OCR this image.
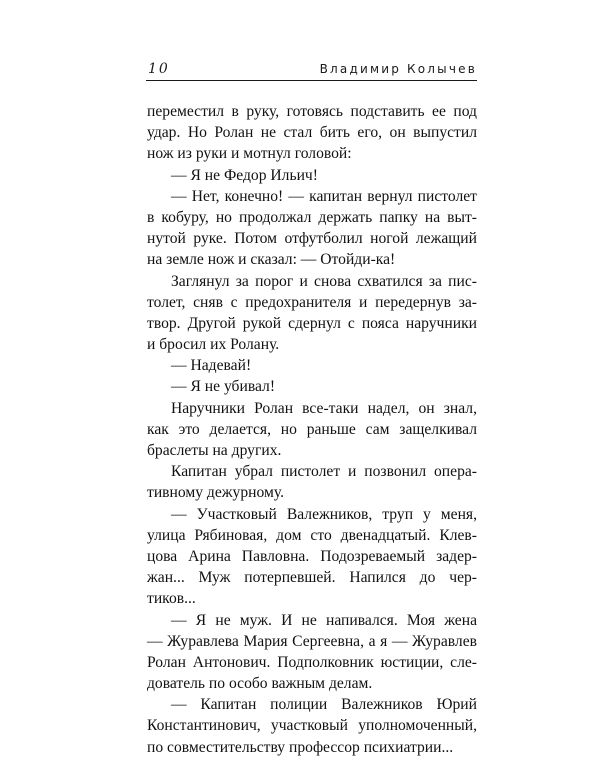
10	Владимир Колычев
переместил в руку, готовясь подставить ее под
удар. Но Ролан не стал бить его, он выпустил
нож из руки и мотнул головой:
— Я не Федор Ильич!
— Нет, конечно! — капитан вернул пистолет
в кобуру, но продолжал держать папку на выт-
нутой руке. Потом отфутболил ногой лежащий
на земле нож и сказал: — Отойди-ка!
Заглянул за порог и снова схватился за пис-
толет, сняв с предохранителя и передернув за-
твор. Другой рукой сдернул с пояса наручники
и бросил их Ролану.
— Надевай!
— Я не убивал!
Наручники Ролан все-таки надел, он знал,
как это делается, но раньше сам защелкивал
браслеты на других.
Капитан убрал пистолет и позвонил опера-
тивному дежурному.
— Участковый Валежников, труп у меня,
улица Рябиновая, дом сто двенадцатый. Клев-
цова Арина Павловна. Подозреваемый задер-
жан... Муж потерпевшей. Напился до чер-
тиков...
— Я не муж. И не напивался. Моя жена
— Журавлева Мария Сергеевна, а я — Журавлев
Ролан Антонович. Подполковник юстиции, сле-
дователь по особо важным делам.
— Капитан полиции Валежников Юрий
Константинович, участковый уполномоченный,
по совместительству профессор психиатрии...
